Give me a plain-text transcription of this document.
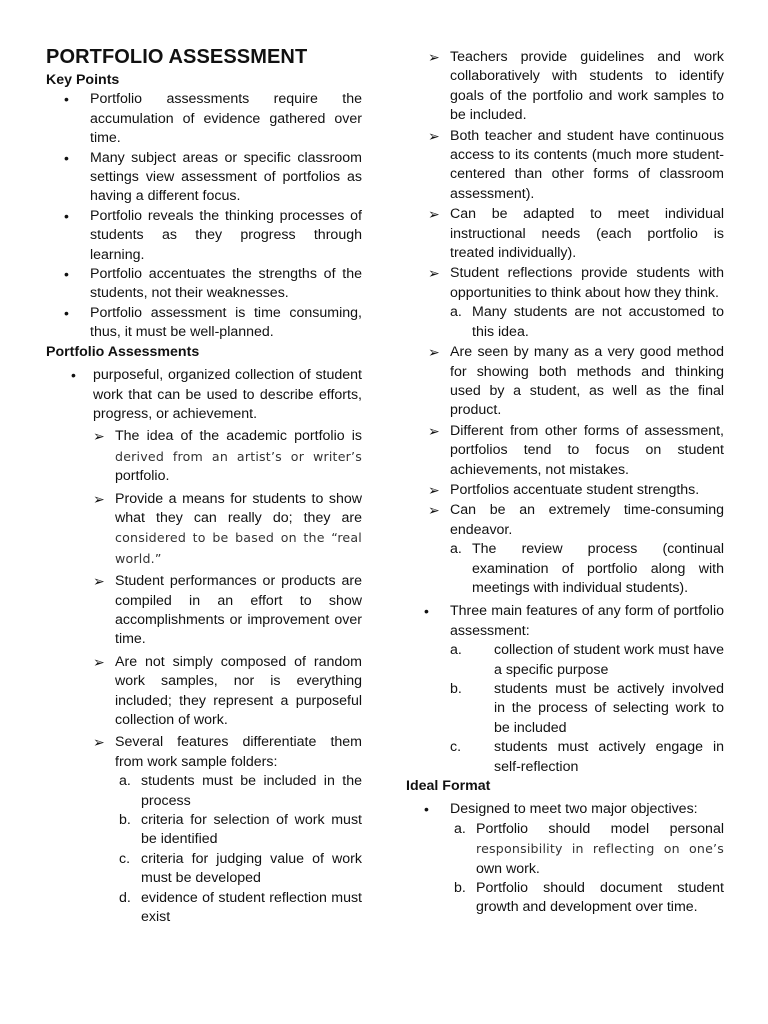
PORTFOLIO ASSESSMENT
Key Points
• Portfolio assessments require the accumulation of evidence gathered over time.
• Many subject areas or specific classroom settings view assessment of portfolios as having a different focus.
• Portfolio reveals the thinking processes of students as they progress through learning.
• Portfolio accentuates the strengths of the students, not their weaknesses.
• Portfolio assessment is time consuming, thus, it must be well-planned.
Portfolio Assessments
• purposeful, organized collection of student work that can be used to describe efforts, progress, or achievement.
➢ The idea of the academic portfolio is derived from an artist’s or writer’s portfolio.
➢ Provide a means for students to show what they can really do; they are considered to be based on the “real world.”
➢ Student performances or products are compiled in an effort to show accomplishments or improvement over time.
➢ Are not simply composed of random work samples, nor is everything included; they represent a purposeful collection of work.
➢ Several features differentiate them from work sample folders:
a. students must be included in the process
b. criteria for selection of work must be identified
c. criteria for judging value of work must be developed
d. evidence of student reflection must exist
➢ Teachers provide guidelines and work collaboratively with students to identify goals of the portfolio and work samples to be included.
➢ Both teacher and student have continuous access to its contents (much more student-centered than other forms of classroom assessment).
➢ Can be adapted to meet individual instructional needs (each portfolio is treated individually).
➢ Student reflections provide students with opportunities to think about how they think.
a. Many students are not accustomed to this idea.
➢ Are seen by many as a very good method for showing both methods and thinking used by a student, as well as the final product.
➢ Different from other forms of assessment, portfolios tend to focus on student achievements, not mistakes.
➢ Portfolios accentuate student strengths.
➢ Can be an extremely time-consuming endeavor.
a. The review process (continual examination of portfolio along with meetings with individual students).
• Three main features of any form of portfolio assessment:
a. collection of student work must have a specific purpose
b. students must be actively involved in the process of selecting work to be included
c. students must actively engage in self-reflection
Ideal Format
• Designed to meet two major objectives:
a. Portfolio should model personal responsibility in reflecting on one’s own work.
b. Portfolio should document student growth and development over time.
